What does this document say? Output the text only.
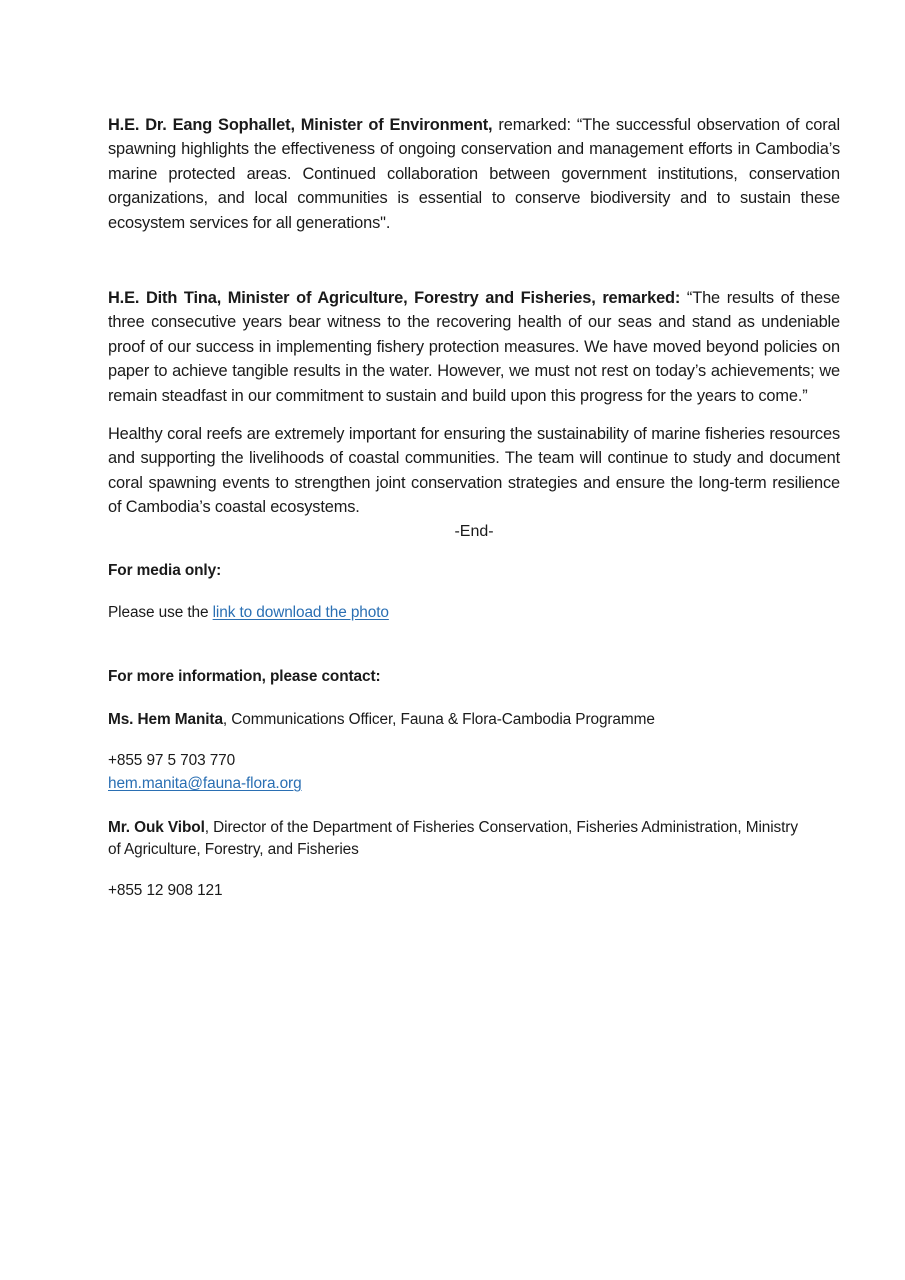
H.E. Dr. Eang Sophallet, Minister of Environment, remarked: “The successful observation of coral spawning highlights the effectiveness of ongoing conservation and management efforts in Cambodia’s marine protected areas. Continued collaboration between government institutions, conservation organizations, and local communities is essential to conserve biodiversity and to sustain these ecosystem services for all generations".

H.E. Dith Tina, Minister of Agriculture, Forestry and Fisheries, remarked: “The results of these three consecutive years bear witness to the recovering health of our seas and stand as undeniable proof of our success in implementing fishery protection measures. We have moved beyond policies on paper to achieve tangible results in the water. However, we must not rest on today’s achievements; we remain steadfast in our commitment to sustain and build upon this progress for the years to come.”

Healthy coral reefs are extremely important for ensuring the sustainability of marine fisheries resources and supporting the livelihoods of coastal communities. The team will continue to study and document coral spawning events to strengthen joint conservation strategies and ensure the long-term resilience of Cambodia’s coastal ecosystems.

-End-

For media only:

Please use the link to download the photo

For more information, please contact:

Ms. Hem Manita, Communications Officer, Fauna & Flora-Cambodia Programme

+855 97 5 703 770

hem.manita@fauna-flora.org

Mr. Ouk Vibol, Director of the Department of Fisheries Conservation, Fisheries Administration, Ministry of Agriculture, Forestry, and Fisheries

+855 12 908 121
